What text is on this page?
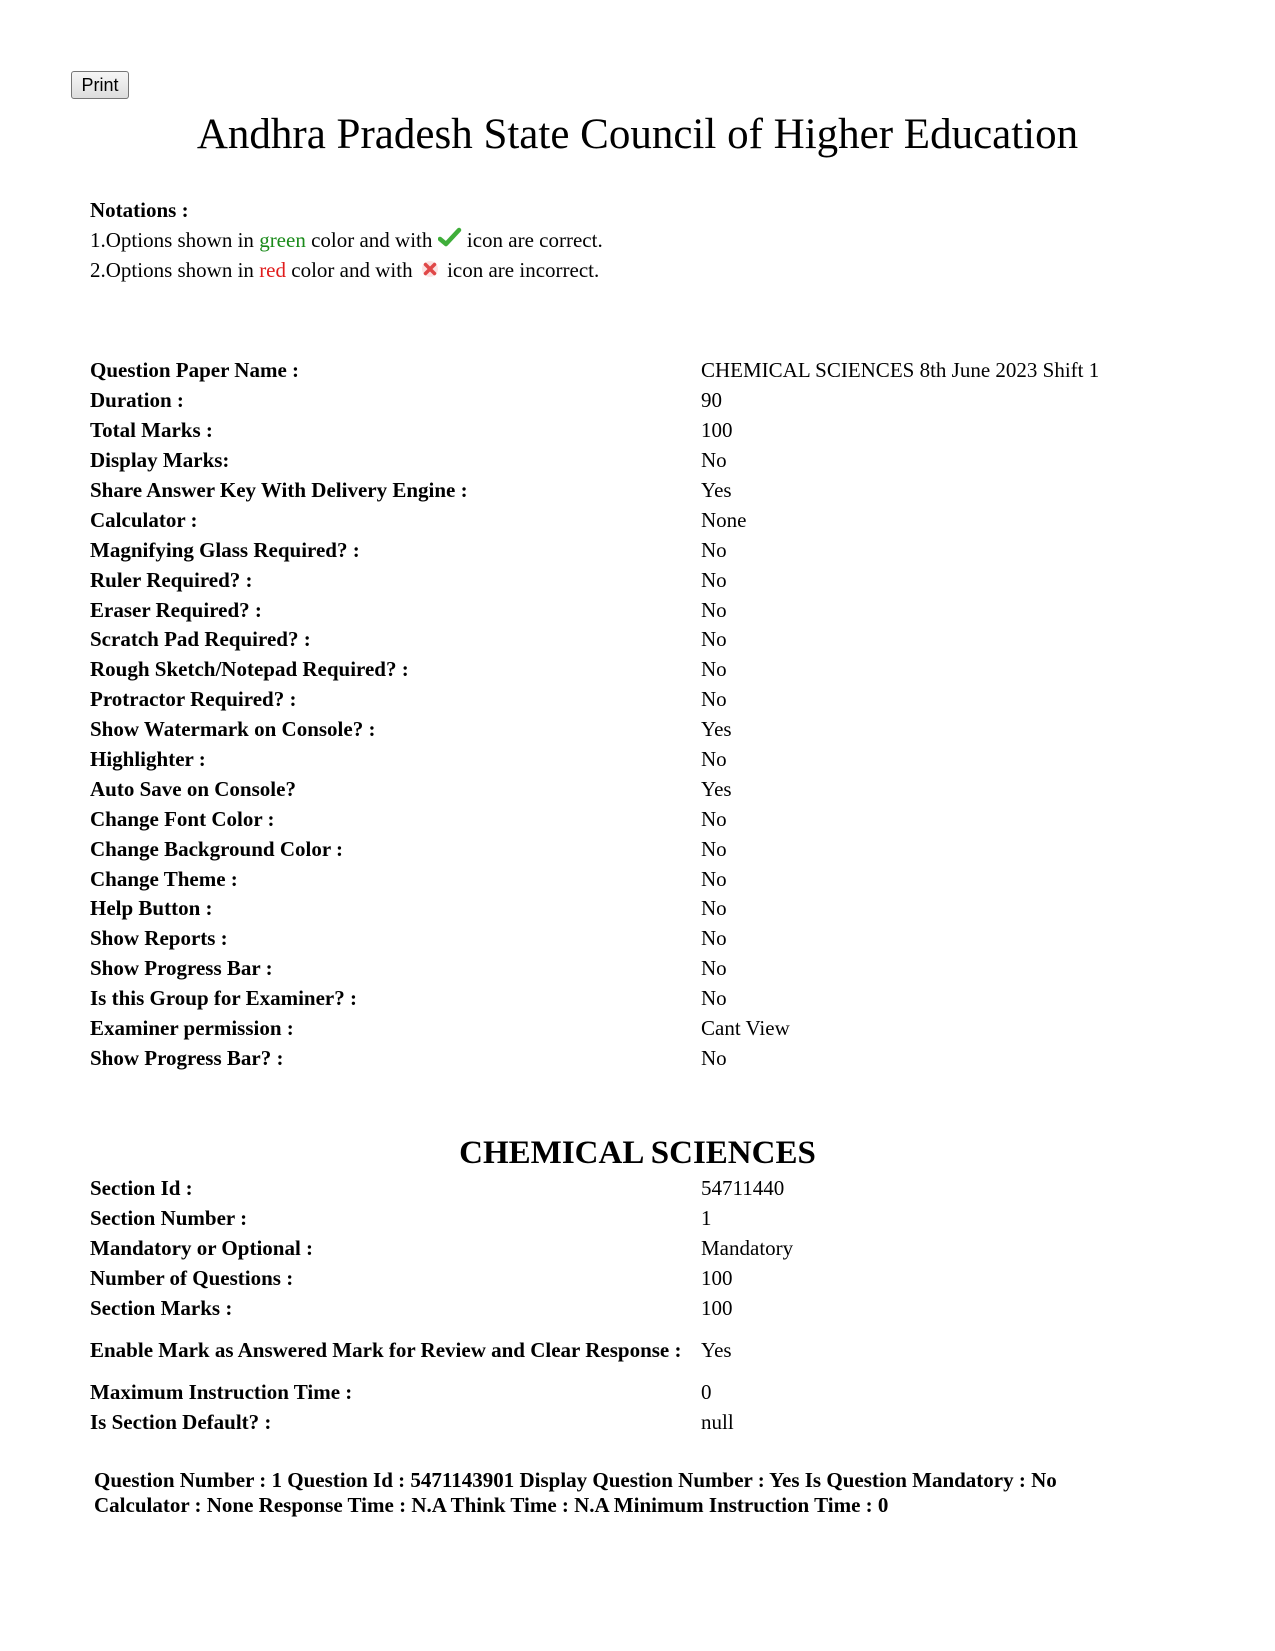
Print
Andhra Pradesh State Council of Higher Education
Notations :
1.Options shown in green color and with  icon are correct.
2.Options shown in red color and with  icon are incorrect.
Question Paper Name :	CHEMICAL SCIENCES 8th June 2023 Shift 1
Duration :	90
Total Marks :	100
Display Marks:	No
Share Answer Key With Delivery Engine :	Yes
Calculator :	None
Magnifying Glass Required? :	No
Ruler Required? :	No
Eraser Required? :	No
Scratch Pad Required? :	No
Rough Sketch/Notepad Required? :	No
Protractor Required? :	No
Show Watermark on Console? :	Yes
Highlighter :	No
Auto Save on Console?	Yes
Change Font Color :	No
Change Background Color :	No
Change Theme :	No
Help Button :	No
Show Reports :	No
Show Progress Bar :	No
Is this Group for Examiner? :	No
Examiner permission :	Cant View
Show Progress Bar? :	No
CHEMICAL SCIENCES
Section Id :	54711440
Section Number :	1
Mandatory or Optional :	Mandatory
Number of Questions :	100
Section Marks :	100
Enable Mark as Answered Mark for Review and Clear Response :	Yes
Maximum Instruction Time :	0
Is Section Default? :	null
Question Number : 1 Question Id : 5471143901 Display Question Number : Yes Is Question Mandatory : No
Calculator : None Response Time : N.A Think Time : N.A Minimum Instruction Time : 0
